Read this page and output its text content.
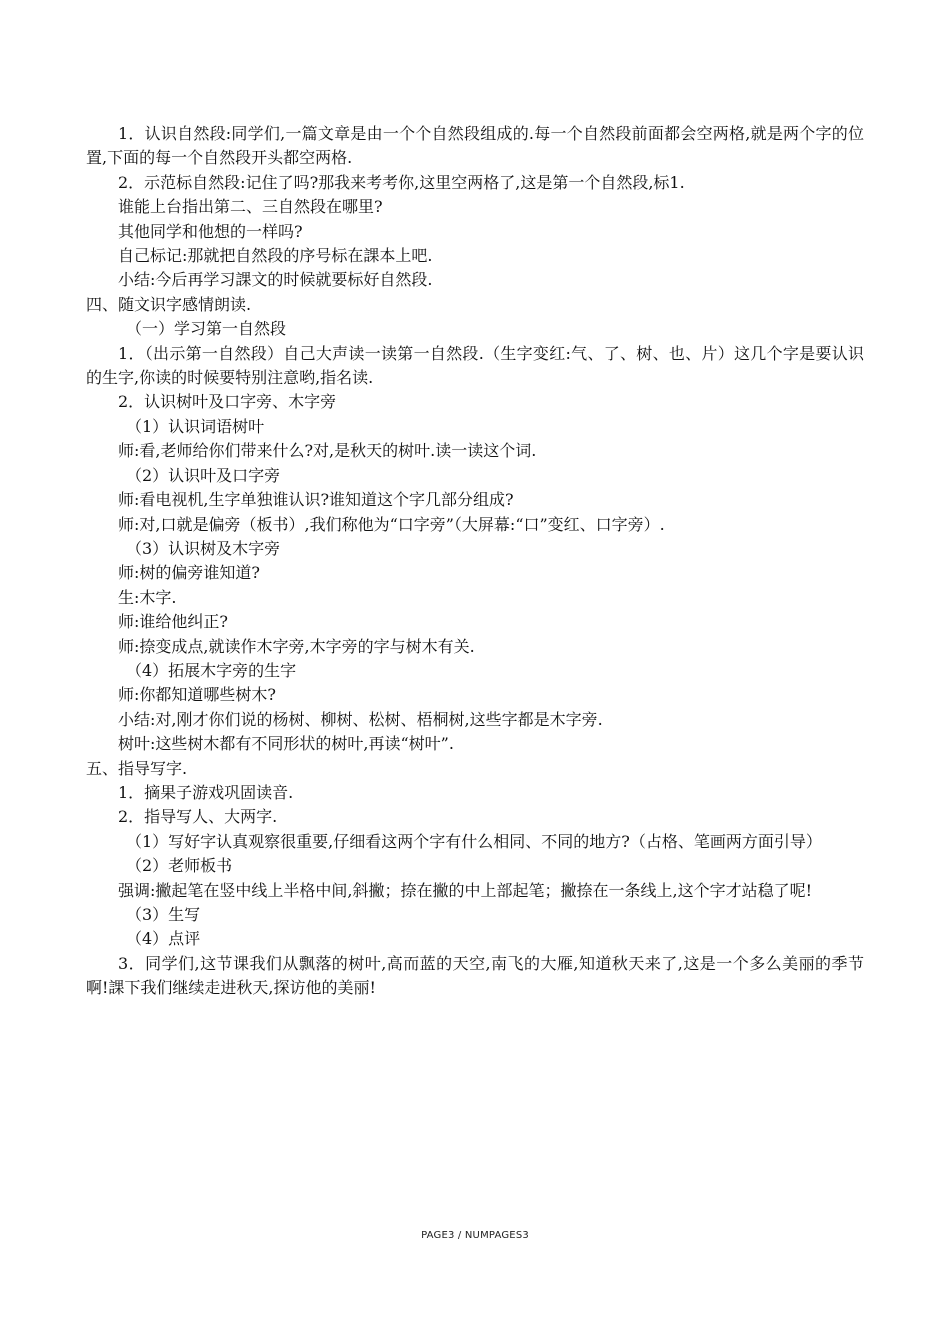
1．认识自然段:同学们,一篇文章是由一个个自然段组成的.每一个自然段前面都会空两格,就是两个字的位置,下面的每一个自然段开头都空两格.

2．示范标自然段:记住了吗?那我来考考你,这里空两格了,这是第一个自然段,标1.

谁能上台指出第二、三自然段在哪里?

其他同学和他想的一样吗?

自己标记:那就把自然段的序号标在課本上吧.

小结:今后再学习課文的时候就要标好自然段.

四、随文识字感情朗读.

（一）学习第一自然段

1．（出示第一自然段）自己大声读一读第一自然段.（生字变红:气、了、树、也、片）这几个字是要认识的生字,你读的时候要特别注意哟,指名读.

2．认识树叶及口字旁、木字旁

（1）认识词语树叶

师:看,老师给你们带来什么?对,是秋天的树叶.读一读这个词.

（2）认识叶及口字旁

师:看电视机,生字单独谁认识?谁知道这个字几部分组成?

师:对,口就是偏旁（板书）,我们称他为“口字旁”（大屏幕:“口”变红、口字旁）.

（3）认识树及木字旁

师:树的偏旁谁知道?

生:木字.

师:谁给他纠正?

师:捺变成点,就读作木字旁,木字旁的字与树木有关.

（4）拓展木字旁的生字

师:你都知道哪些树木?

小结:对,刚才你们说的杨树、柳树、松树、梧桐树,这些字都是木字旁.

树叶:这些树木都有不同形状的树叶,再读“树叶”.

五、指导写字.

1．摘果子游戏巩固读音.

2．指导写人、大两字.

（1）写好字认真观察很重要,仔细看这两个字有什么相同、不同的地方?（占格、笔画两方面引导）

（2）老师板书

强调:撇起笔在竖中线上半格中间,斜撇；捺在撇的中上部起笔；撇捺在一条线上,这个字才站稳了呢!

（3）生写

（4）点评

3．同学们,这节课我们从飘落的树叶,高而蓝的天空,南飞的大雁,知道秋天来了,这是一个多么美丽的季节啊!課下我们继续走进秋天,探访他的美丽!

PAGE3 / NUMPAGES3
